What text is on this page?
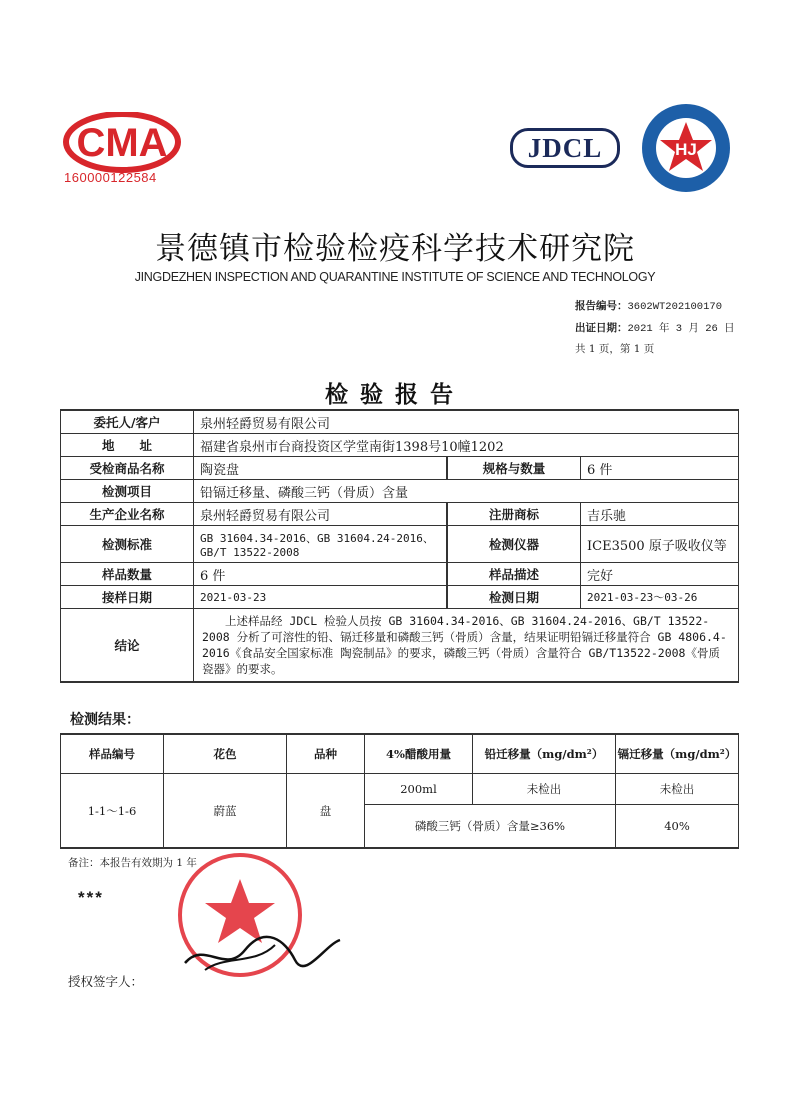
CMA
160000122584
JDCL	HJ
景德镇市检验检疫科学技术研究院
JINGDEZHEN INSPECTION AND QUARANTINE INSTITUTE OF SCIENCE AND TECHNOLOGY
报告编号：3602WT202100170
出证日期：2021 年 3 月 26 日
共 1 页，第 1 页
检验报告
委托人/客户	泉州轻爵贸易有限公司		
地　　址	福建省泉州市台商投资区学堂南街1398号10幢1202		
受检商品名称	陶瓷盘	规格与数量	6 件
检测项目	铅镉迁移量、磷酸三钙（骨质）含量		
生产企业名称	泉州轻爵贸易有限公司	注册商标	吉乐驰
检测标准	GB 31604.34-2016、GB 31604.24-2016、GB/T 13522-2008	检测仪器	ICE3500 原子吸收仪等
样品数量	6 件	样品描述	完好
接样日期	2021-03-23	检测日期	2021-03-23～03-26
结论	　　上述样品经 JDCL 检验人员按 GB 31604.34-2016、GB 31604.24-2016、GB/T 13522-2008 分析了可溶性的铅、镉迁移量和磷酸三钙（骨质）含量，结果证明铅镉迁移量符合 GB 4806.4-2016《食品安全国家标准 陶瓷制品》的要求，磷酸三钙（骨质）含量符合 GB/T13522-2008《骨质瓷器》的要求。		
检测结果：
样品编号	花色	品种	4%醋酸用量	铅迁移量（mg/dm²）	镉迁移量（mg/dm²）
1-1～1-6	蔚蓝	盘	200ml	未检出	未检出
			磷酸三钙（骨质）含量≥36%		40%
备注：本报告有效期为 1 年
***
授权签字人：
